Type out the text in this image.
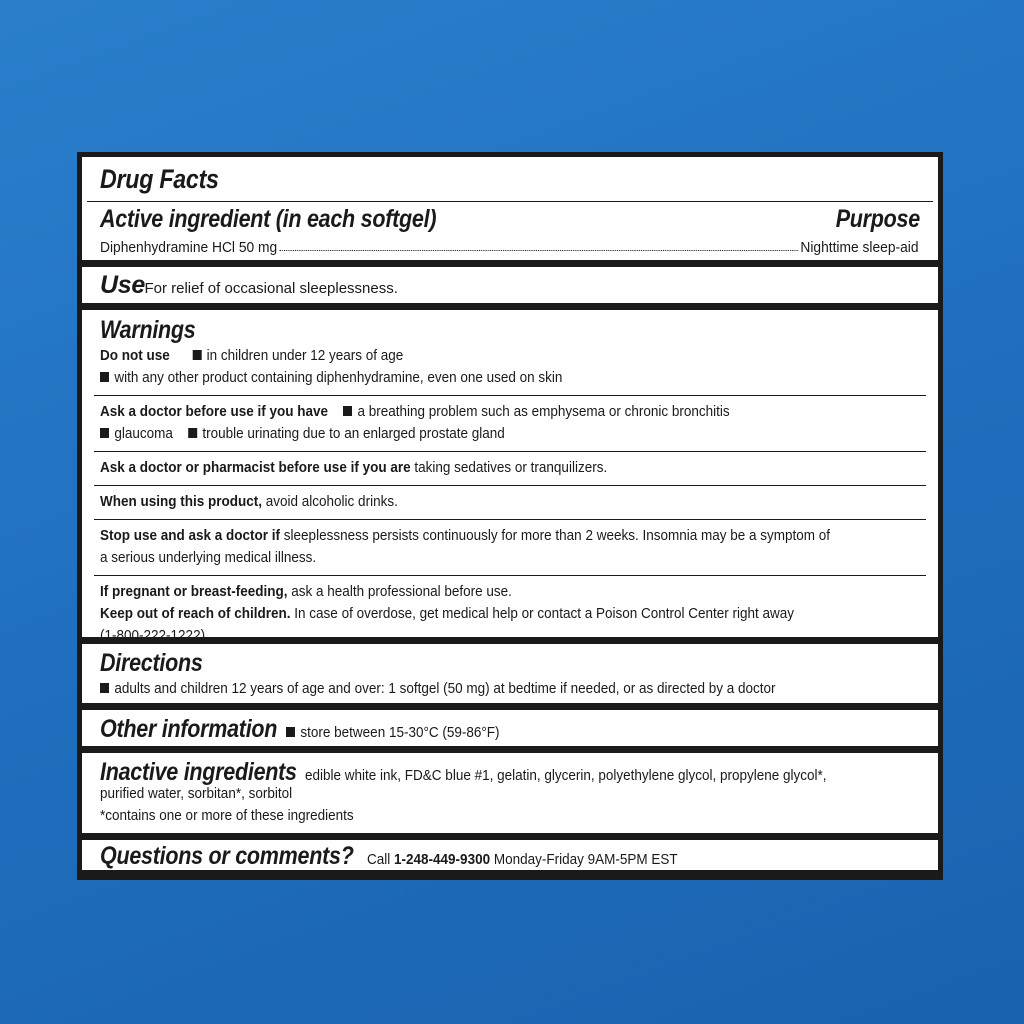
Drug Facts
Active ingredient (in each softgel)	Purpose
Diphenhydramine HCl 50 mg	Nighttime sleep-aid
Use For relief of occasional sleeplessness.
Warnings
Do not use in children under 12 years of age
with any other product containing diphenhydramine, even one used on skin
Ask a doctor before use if you have a breathing problem such as emphysema or chronic bronchitis
glaucoma trouble urinating due to an enlarged prostate gland
Ask a doctor or pharmacist before use if you are taking sedatives or tranquilizers.
When using this product, avoid alcoholic drinks.
Stop use and ask a doctor if sleeplessness persists continuously for more than 2 weeks. Insomnia may be a symptom of
a serious underlying medical illness.
If pregnant or breast-feeding, ask a health professional before use.
Keep out of reach of children. In case of overdose, get medical help or contact a Poison Control Center right away
(1-800-222-1222).
Directions
adults and children 12 years of age and over: 1 softgel (50 mg) at bedtime if needed, or as directed by a doctor
Other information store between 15-30°C (59-86°F)
Inactive ingredients edible white ink, FD&C blue #1, gelatin, glycerin, polyethylene glycol, propylene glycol*,
purified water, sorbitan*, sorbitol
*contains one or more of these ingredients
Questions or comments? Call 1-248-449-9300 Monday-Friday 9AM-5PM EST
